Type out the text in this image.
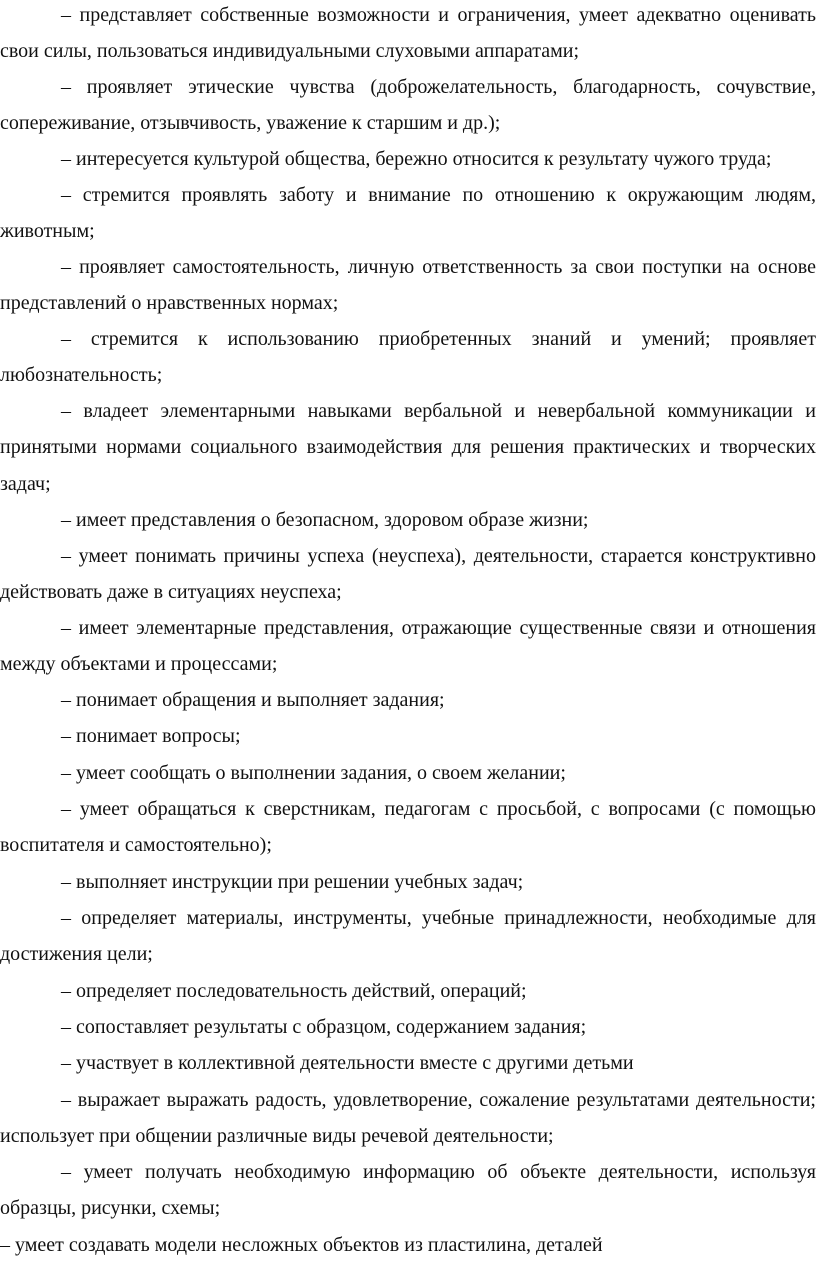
– представляет собственные возможности и ограничения, умеет адекватно оценивать свои силы, пользоваться индивидуальными слуховыми аппаратами;

– проявляет этические чувства (доброжелательность, благодарность, сочувствие, сопереживание, отзывчивость, уважение к старшим и др.);

– интересуется культурой общества, бережно относится к результату чужого труда;

– стремится проявлять заботу и внимание по отношению к окружающим людям, животным;

– проявляет самостоятельность, личную ответственность за свои поступки на основе представлений о нравственных нормах;

– стремится к использованию приобретенных знаний и умений; проявляет любознательность;

– владеет элементарными навыками вербальной и невербальной коммуникации и принятыми нормами социального взаимодействия для решения практических и творческих задач;

– имеет представления о безопасном, здоровом образе жизни;

– умеет понимать причины успеха (неуспеха), деятельности, старается конструктивно действовать даже в ситуациях неуспеха;

– имеет элементарные представления, отражающие существенные связи и отношения между объектами и процессами;

– понимает обращения и выполняет задания;

– понимает вопросы;

– умеет сообщать о выполнении задания, о своем желании;

– умеет обращаться к сверстникам, педагогам с просьбой, с вопросами (с помощью воспитателя и самостоятельно);

– выполняет инструкции при решении учебных задач;

– определяет материалы, инструменты, учебные принадлежности, необходимые для достижения цели;

– определяет последовательность действий, операций;

– сопоставляет результаты с образцом, содержанием задания;

– участвует в коллективной деятельности вместе с другими детьми

– выражает выражать радость, удовлетворение, сожаление результатами деятельности; использует при общении различные виды речевой деятельности;

– умеет получать необходимую информацию об объекте деятельности, используя образцы, рисунки, схемы;

– умеет создавать модели несложных объектов из пластилина, деталей
